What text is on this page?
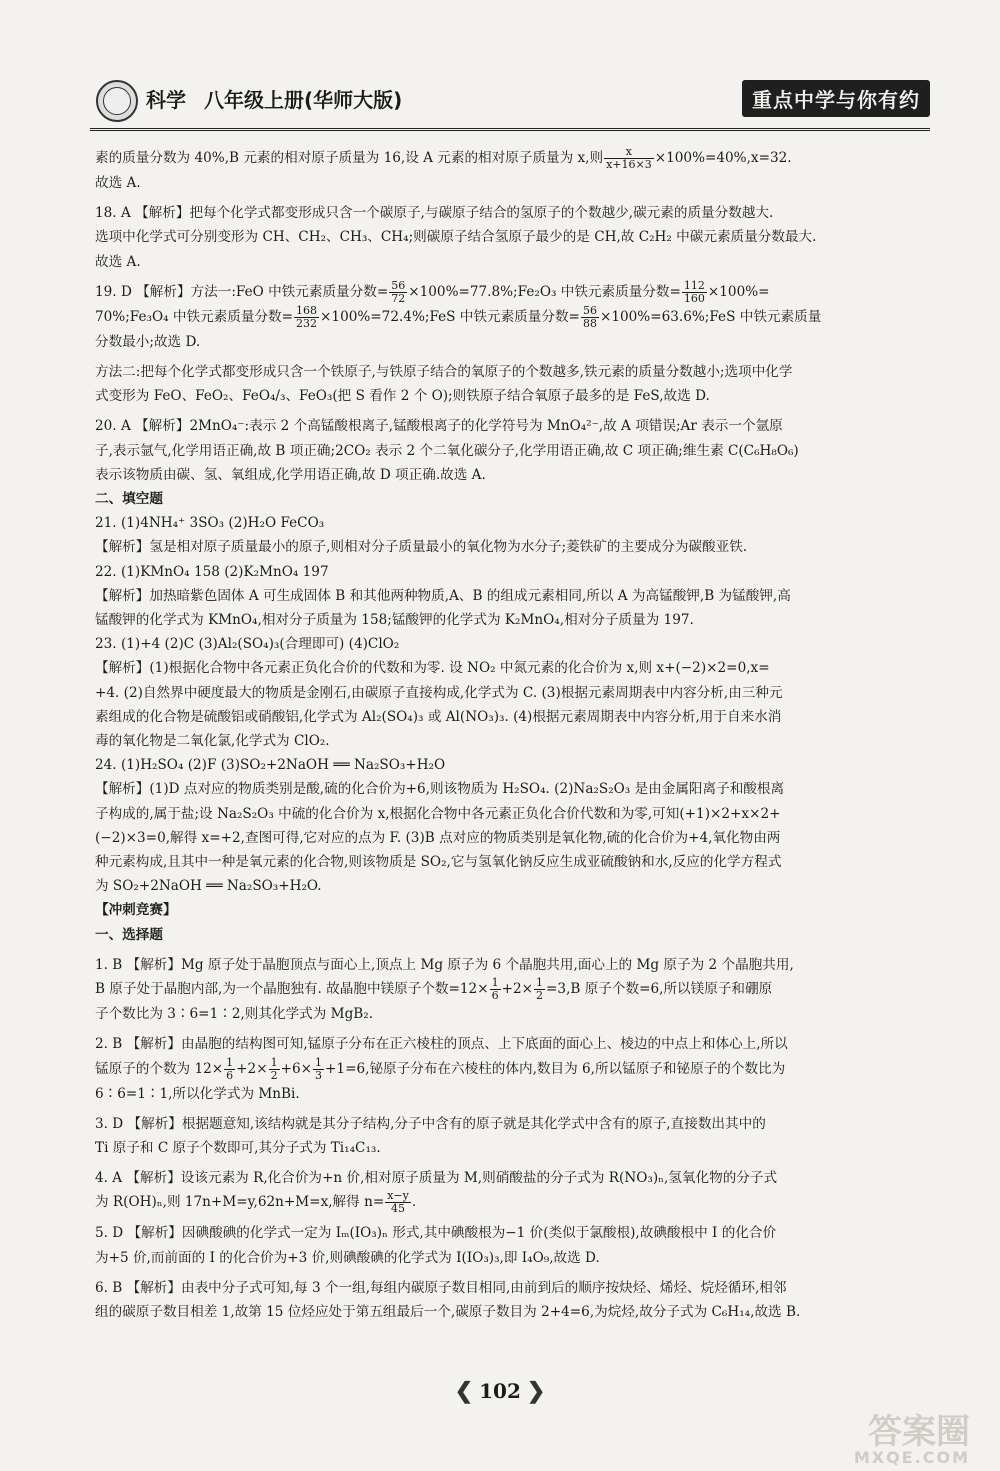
科学 八年级上册(华师大版)	重点中学与你有约

素的质量分数为 40%,B 元素的相对原子质量为 16,设 A 元素的相对原子质量为 x,则 $\frac{x}{x+16\times 3} \times 100\%=40\%,x=32$.

故选 A.

18. A 【解析】把每个化学式都变形成只含一个碳原子,与碳原子结合的氢原子的个数越少,碳元素的质量分数越大.

选项中化学式可分别变形为 CH、CH₂、CH₃、CH₄;则碳原子结合氢原子最少的是 CH,故 C₂H₂ 中碳元素质量分数最大.

故选 A.

19. D 【解析】方法一:FeO 中铁元素质量分数= $\frac{56}{72}$ ×100%=77.8%;Fe₂O₃ 中铁元素质量分数= $\frac{112}{160} \times 100\%=$

70%;Fe₃O₄ 中铁元素质量分数= $\frac{168}{232}$ ×100%=72.4%;FeS 中铁元素质量分数= $\frac{56}{88}$ ×100%=63.6%;FeS 中铁元素质量

分数最小;故选 D.

方法二:把每个化学式都变形成只含一个铁原子,与铁原子结合的氧原子的个数越多,铁元素的质量分数越小;选项中化学

式变形为 FeO、FeO₂、FeO₄/₃、FeO₃(把 S 看作 2 个 O);则铁原子结合氧原子最多的是 FeS,故选 D.

20. A 【解析】2MnO₄⁻:表示 2 个高锰酸根离子,锰酸根离子的化学符号为 MnO₄²⁻,故 A 项错误;Ar 表示一个氩原

子,表示氩气,化学用语正确,故 B 项正确;2CO₂ 表示 2 个二氧化碳分子,化学用语正确,故 C 项正确;维生素 C(C₆H₈O₆)

表示该物质由碳、氢、氧组成,化学用语正确,故 D 项正确.故选 A.

二、填空题

21. (1)4NH₄⁺ 3SO₃ (2)H₂O FeCO₃

【解析】氢是相对原子质量最小的原子,则相对分子质量最小的氧化物为水分子;菱铁矿的主要成分为碳酸亚铁.

22. (1)KMnO₄ 158 (2)K₂MnO₄ 197

【解析】加热暗紫色固体 A 可生成固体 B 和其他两种物质,A、B 的组成元素相同,所以 A 为高锰酸钾,B 为锰酸钾,高

锰酸钾的化学式为 KMnO₄,相对分子质量为 158;锰酸钾的化学式为 K₂MnO₄,相对分子质量为 197.

23. (1)+4 (2)C (3)Al₂(SO₄)₃(合理即可) (4)ClO₂

【解析】(1)根据化合物中各元素正负化合价的代数和为零. 设 NO₂ 中氮元素的化合价为 x,则 x+(−2)×2=0,x=

+4. (2)自然界中硬度最大的物质是金刚石,由碳原子直接构成,化学式为 C. (3)根据元素周期表中内容分析,由三种元

素组成的化合物是硫酸铝或硝酸铝,化学式为 Al₂(SO₄)₃ 或 Al(NO₃)₃. (4)根据元素周期表中内容分析,用于自来水消

毒的氧化物是二氧化氯,化学式为 ClO₂.

24. (1)H₂SO₄ (2)F (3)SO₂+2NaOH ══ Na₂SO₃+H₂O

【解析】(1)D 点对应的物质类别是酸,硫的化合价为+6,则该物质为 H₂SO₄. (2)Na₂S₂O₃ 是由金属阳离子和酸根离

子构成的,属于盐;设 Na₂S₂O₃ 中硫的化合价为 x,根据化合物中各元素正负化合价代数和为零,可知(+1)×2+x×2+

(−2)×3=0,解得 x=+2,查图可得,它对应的点为 F. (3)B 点对应的物质类别是氧化物,硫的化合价为+4,氧化物由两

种元素构成,且其中一种是氧元素的化合物,则该物质是 SO₂,它与氢氧化钠反应生成亚硫酸钠和水,反应的化学方程式

为 SO₂+2NaOH ══ Na₂SO₃+H₂O.

【冲刺竞赛】

一、选择题

1. B 【解析】Mg 原子处于晶胞顶点与面心上,顶点上 Mg 原子为 6 个晶胞共用,面心上的 Mg 原子为 2 个晶胞共用,

B 原子处于晶胞内部,为一个晶胞独有. 故晶胞中镁原子个数$=12\times \frac{1}{6} +2\times \frac{1}{2} =3,B$ 原子个数=6,所以镁原子和硼原

子个数比为 3∶6=1∶2,则其化学式为 MgB₂.

2. B 【解析】由晶胞的结构图可知,锰原子分布在正六棱柱的顶点、上下底面的面心上、棱边的中点上和体心上,所以

锰原子的个数为 $12\times \frac{1}{6} +2\times \frac{1}{2} +6\times \frac{1}{3} +1=6$,铋原子分布在六棱柱的体内,数目为 6,所以锰原子和铋原子的个数比为

6∶6=1∶1,所以化学式为 MnBi.

3. D 【解析】根据题意知,该结构就是其分子结构,分子中含有的原子就是其化学式中含有的原子,直接数出其中的

Ti 原子和 C 原子个数即可,其分子式为 Ti₁₄C₁₃.

4. A 【解析】设该元素为 R,化合价为+n 价,相对原子质量为 M,则硝酸盐的分子式为 R(NO₃)ₙ,氢氧化物的分子式

为 R(OH)ₙ,则 17n+M=y,62n+M=x,解得 $n= \frac{x-y}{45}$ .

5. D 【解析】因碘酸碘的化学式一定为 Iₘ(IO₃)ₙ 形式,其中碘酸根为−1 价(类似于氯酸根),故碘酸根中 I 的化合价

为+5 价,而前面的 I 的化合价为+3 价,则碘酸碘的化学式为 I(IO₃)₃,即 I₄O₉,故选 D.

6. B 【解析】由表中分子式可知,每 3 个一组,每组内碳原子数目相同,由前到后的顺序按炔烃、烯烃、烷烃循环,相邻

组的碳原子数目相差 1,故第 15 位烃应处于第五组最后一个,碳原子数目为 2+4=6,为烷烃,故分子式为 C₆H₁₄,故选 B.

❮ 102 ❯
答案圈
MXQE.COM
